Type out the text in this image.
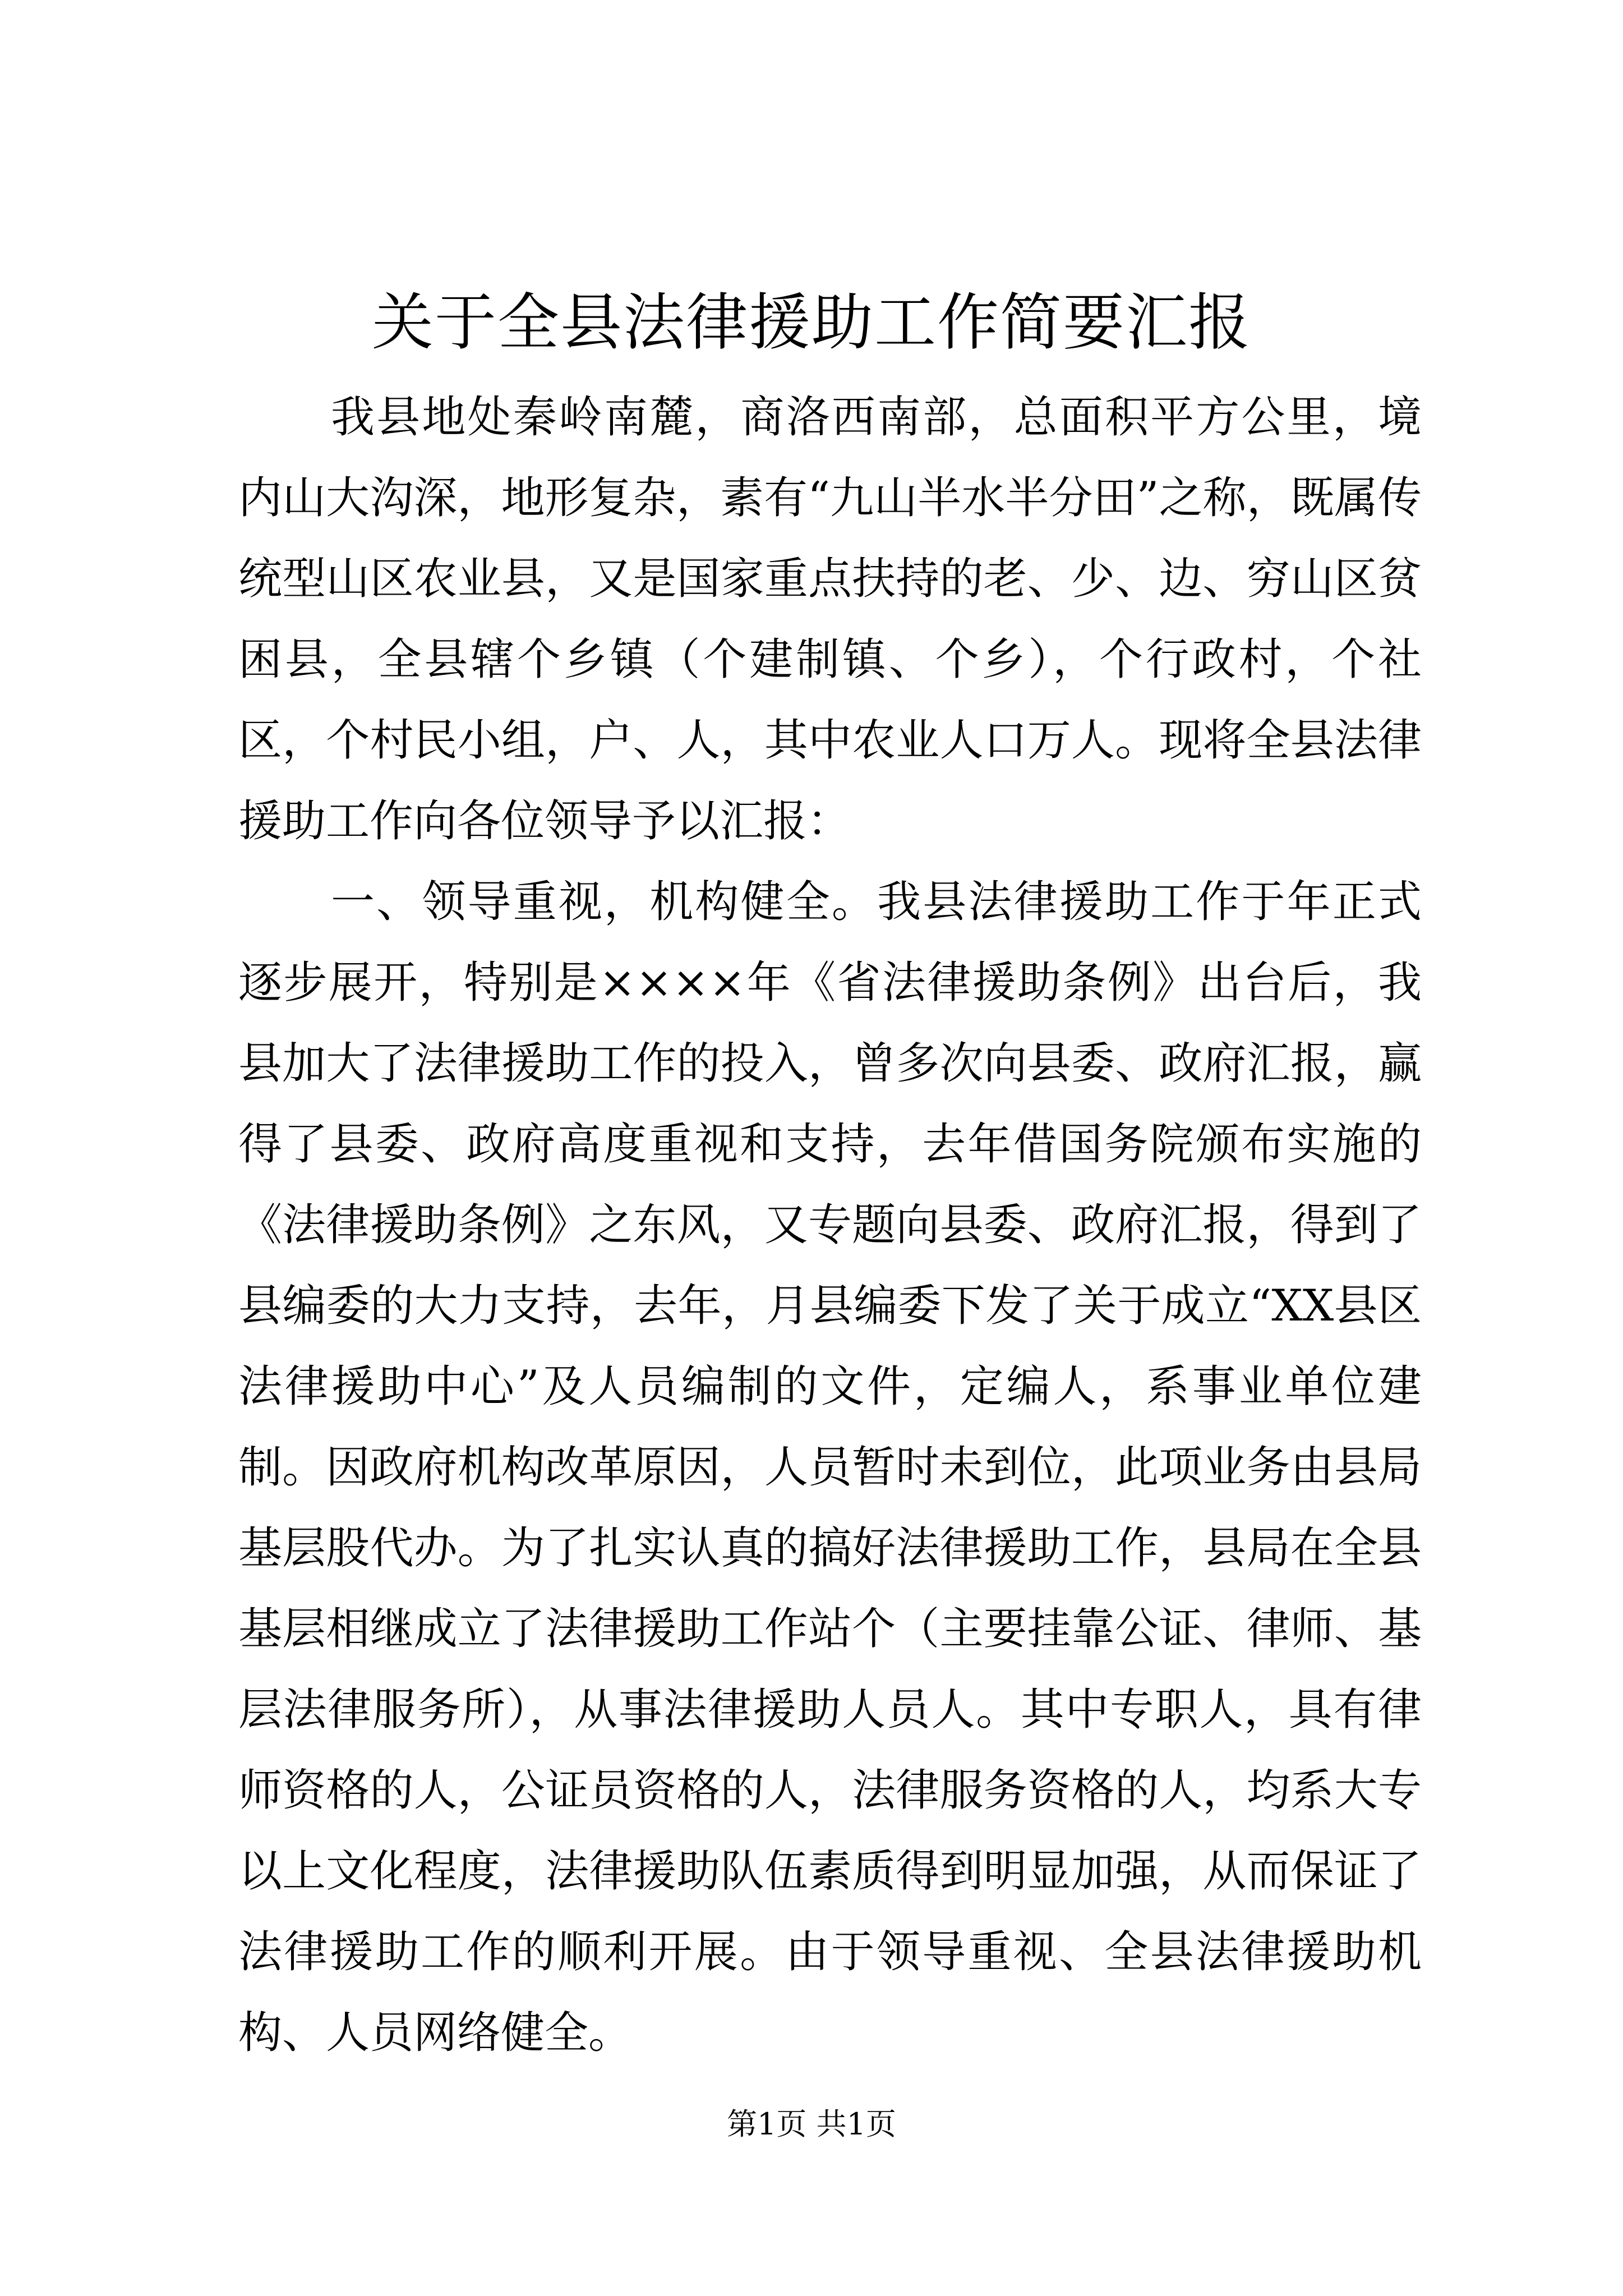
关于全县法律援助工作简要汇报

我县地处秦岭南麓，商洛西南部，总面积平方公里，境内山大沟深，地形复杂，素有“九山半水半分田”之称，既属传统型山区农业县，又是国家重点扶持的老、少、边、穷山区贫困县，全县辖个乡镇（个建制镇、个乡），个行政村，个社区，个村民小组，户、人，其中农业人口万人。现将全县法律援助工作向各位领导予以汇报：

一、领导重视，机构健全。我县法律援助工作于年正式逐步展开，特别是××××年《省法律援助条例》出台后，我县加大了法律援助工作的投入，曾多次向县委、政府汇报，赢得了县委、政府高度重视和支持，去年借国务院颁布实施的《法律援助条例》之东风，又专题向县委、政府汇报，得到了县编委的大力支持，去年，月县编委下发了关于成立“XX县区法律援助中心”及人员编制的文件，定编人，系事业单位建制。因政府机构改革原因，人员暂时未到位，此项业务由县局基层股代办。为了扎实认真的搞好法律援助工作，县局在全县基层相继成立了法律援助工作站个（主要挂靠公证、律师、基层法律服务所），从事法律援助人员人。其中专职人，具有律师资格的人，公证员资格的人，法律服务资格的人，均系大专以上文化程度，法律援助队伍素质得到明显加强，从而保证了法律援助工作的顺利开展。由于领导重视、全县法律援助机构、人员网络健全。

第1页 共1页
